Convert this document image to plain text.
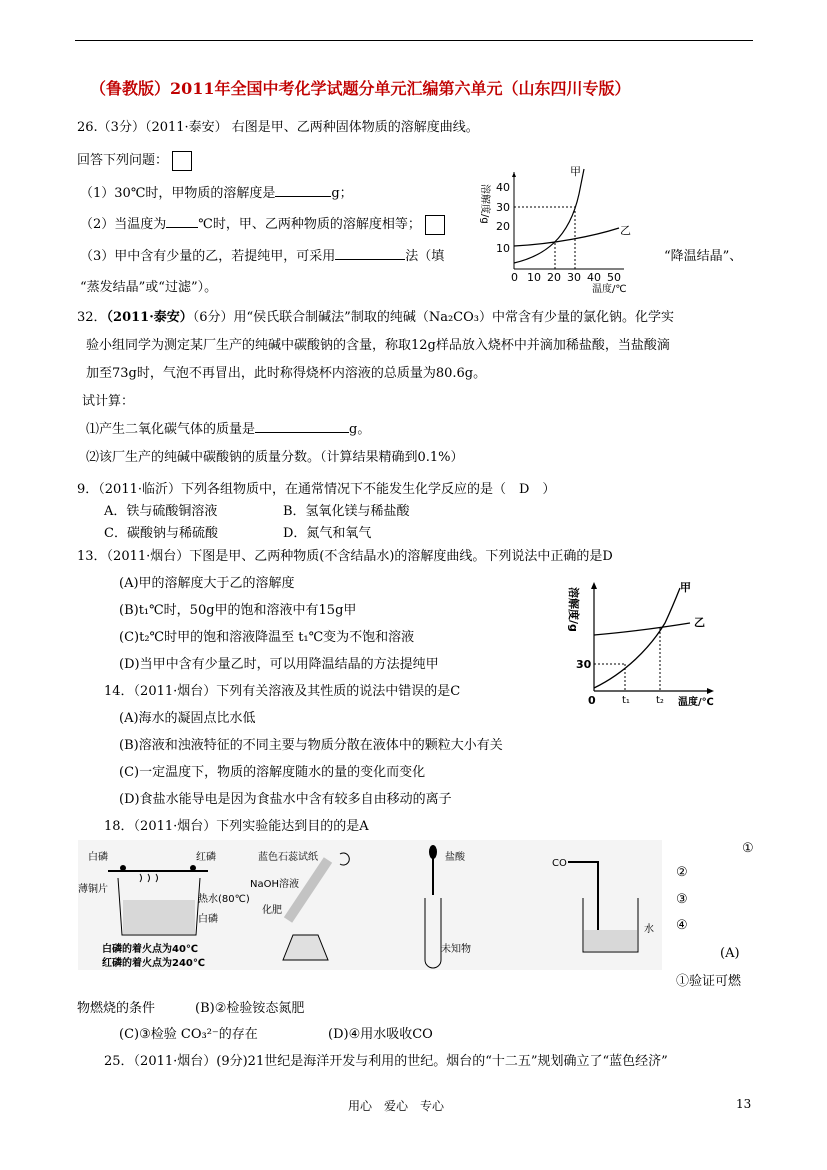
（鲁教版）2011年全国中考化学试题分单元汇编第六单元（山东四川专版）
26.（3分）（2011·泰安） 右图是甲、乙两种固体物质的溶解度曲线。
回答下列问题：
（1）30℃时，甲物质的溶解度是	g；
（2）当温度为 ℃时，甲、乙两种物质的溶解度相等；
（3）甲中含有少量的乙，若提纯甲，可采用	法（填	“降温结晶”、
“蒸发结晶”或“过滤”）。
溶解度/g
10
20
30
40
0 10 20 30 40 50
温度/℃
甲
乙
32．（2011·泰安）（6分）用“侯氏联合制碱法”制取的纯碱（Na₂CO₃）中常含有少量的氯化钠。化学实
验小组同学为测定某厂生产的纯碱中碳酸钠的含量，称取12g样品放入烧杯中并滴加稀盐酸，当盐酸滴
加至73g时，气泡不再冒出，此时称得烧杯内溶液的总质量为80.6g。
试计算：
⑴产生二氧化碳气体的质量是	g。
⑵该厂生产的纯碱中碳酸钠的质量分数。（计算结果精确到0.1%）
9．（2011·临沂）下列各组物质中，在通常情况下不能发生化学反应的是（　D　）
A．铁与硫酸铜溶液	B．氢氧化镁与稀盐酸
C．碳酸钠与稀硫酸	D．氮气和氧气
13．（2011·烟台）下图是甲、乙两种物质(不含结晶水)的溶解度曲线。下列说法中正确的是D
(A)甲的溶解度大于乙的溶解度
(B)t₁℃时，50g甲的饱和溶液中有15g甲
(C)t₂℃时甲的饱和溶液降温至 t₁℃变为不饱和溶液
(D)当甲中含有少量乙时，可以用降温结晶的方法提纯甲
溶解度/g
30
0	t₁	t₂ 温度/℃
甲
乙
14．（2011·烟台）下列有关溶液及其性质的说法中错误的是C
(A)海水的凝固点比水低
(B)溶液和浊液特征的不同主要与物质分散在液体中的颗粒大小有关
(C)一定温度下，物质的溶解度随水的量的变化而变化
(D)食盐水能导电是因为食盐水中含有较多自由移动的离子
18．（2011·烟台）下列实验能达到目的的是A
白磷	红磷
薄铜片
热水(80℃)
白磷
白磷的着火点为40℃
红磷的着火点为240℃
蓝色石蕊试纸
NaOH溶液
化肥
盐酸
未知物
CO
水
①
②
③
④
(A)
①验证可燃
物燃烧的条件	(B)②检验铵态氮肥
(C)③检验 CO₃²⁻的存在	(D)④用水吸收CO
25．（2011·烟台）(9分)21世纪是海洋开发与利用的世纪。烟台的“十二五”规划确立了“蓝色经济”
用心　爱心　专心	13
